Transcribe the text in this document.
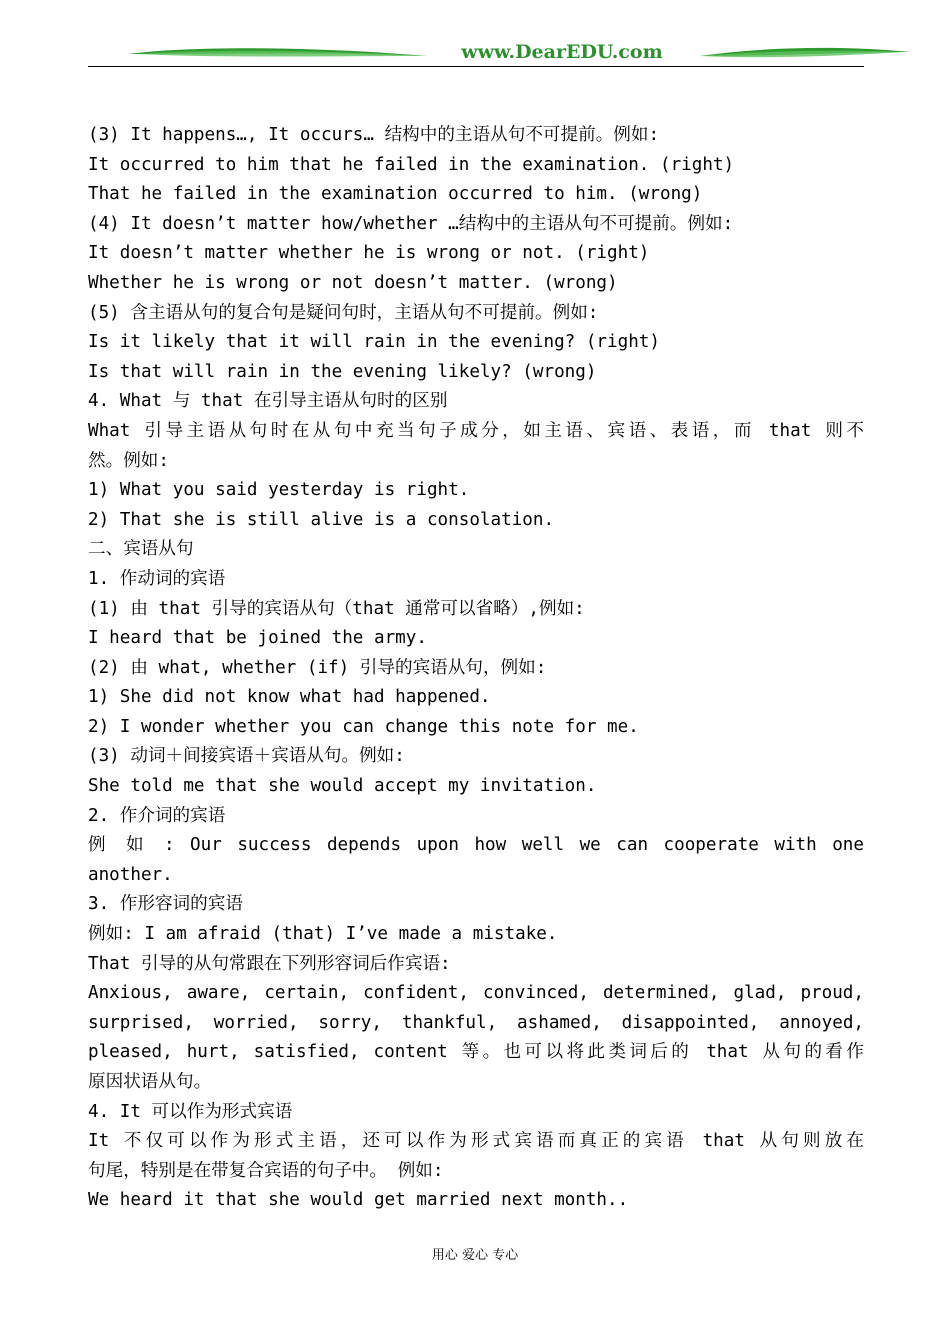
www.DearEDU.com
(3) It happens…, It occurs… 结构中的主语从句不可提前。例如:
It occurred to him that he failed in the examination. (right)
That he failed in the examination occurred to him. (wrong)
(4) It doesn’t matter how/whether …结构中的主语从句不可提前。例如:
It doesn’t matter whether he is wrong or not. (right)
Whether he is wrong or not doesn’t matter. (wrong)
(5) 含主语从句的复合句是疑问句时，主语从句不可提前。例如:
Is it likely that it will rain in the evening? (right)
Is that will rain in the evening likely? (wrong)
4. What 与 that 在引导主语从句时的区别
What 引导主语从句时在从句中充当句子成分，如主语、宾语、表语，而 that 则不
然。例如:
1) What you said yesterday is right.
2) That she is still alive is a consolation.
二、宾语从句
1. 作动词的宾语
(1) 由 that 引导的宾语从句（that 通常可以省略）,例如:
I heard that be joined the army.
(2) 由 what, whether (if) 引导的宾语从句，例如:
1) She did not know what had happened.
2) I wonder whether you can change this note for me.
(3) 动词＋间接宾语＋宾语从句。例如:
She told me that she would accept my invitation.
2. 作介词的宾语
例 如 : Our success depends upon how well we can cooperate with one
another.
3. 作形容词的宾语
例如: I am afraid (that) I’ve made a mistake.
That 引导的从句常跟在下列形容词后作宾语:
Anxious, aware, certain, confident, convinced, determined, glad, proud,
surprised, worried, sorry, thankful, ashamed, disappointed, annoyed,
pleased, hurt, satisfied, content 等。也可以将此类词后的 that 从句的看作
原因状语从句。
4. It 可以作为形式宾语
It 不仅可以作为形式主语，还可以作为形式宾语而真正的宾语 that 从句则放在
句尾，特别是在带复合宾语的句子中。 例如:
We heard it that she would get married next month..
用心 爱心 专心
